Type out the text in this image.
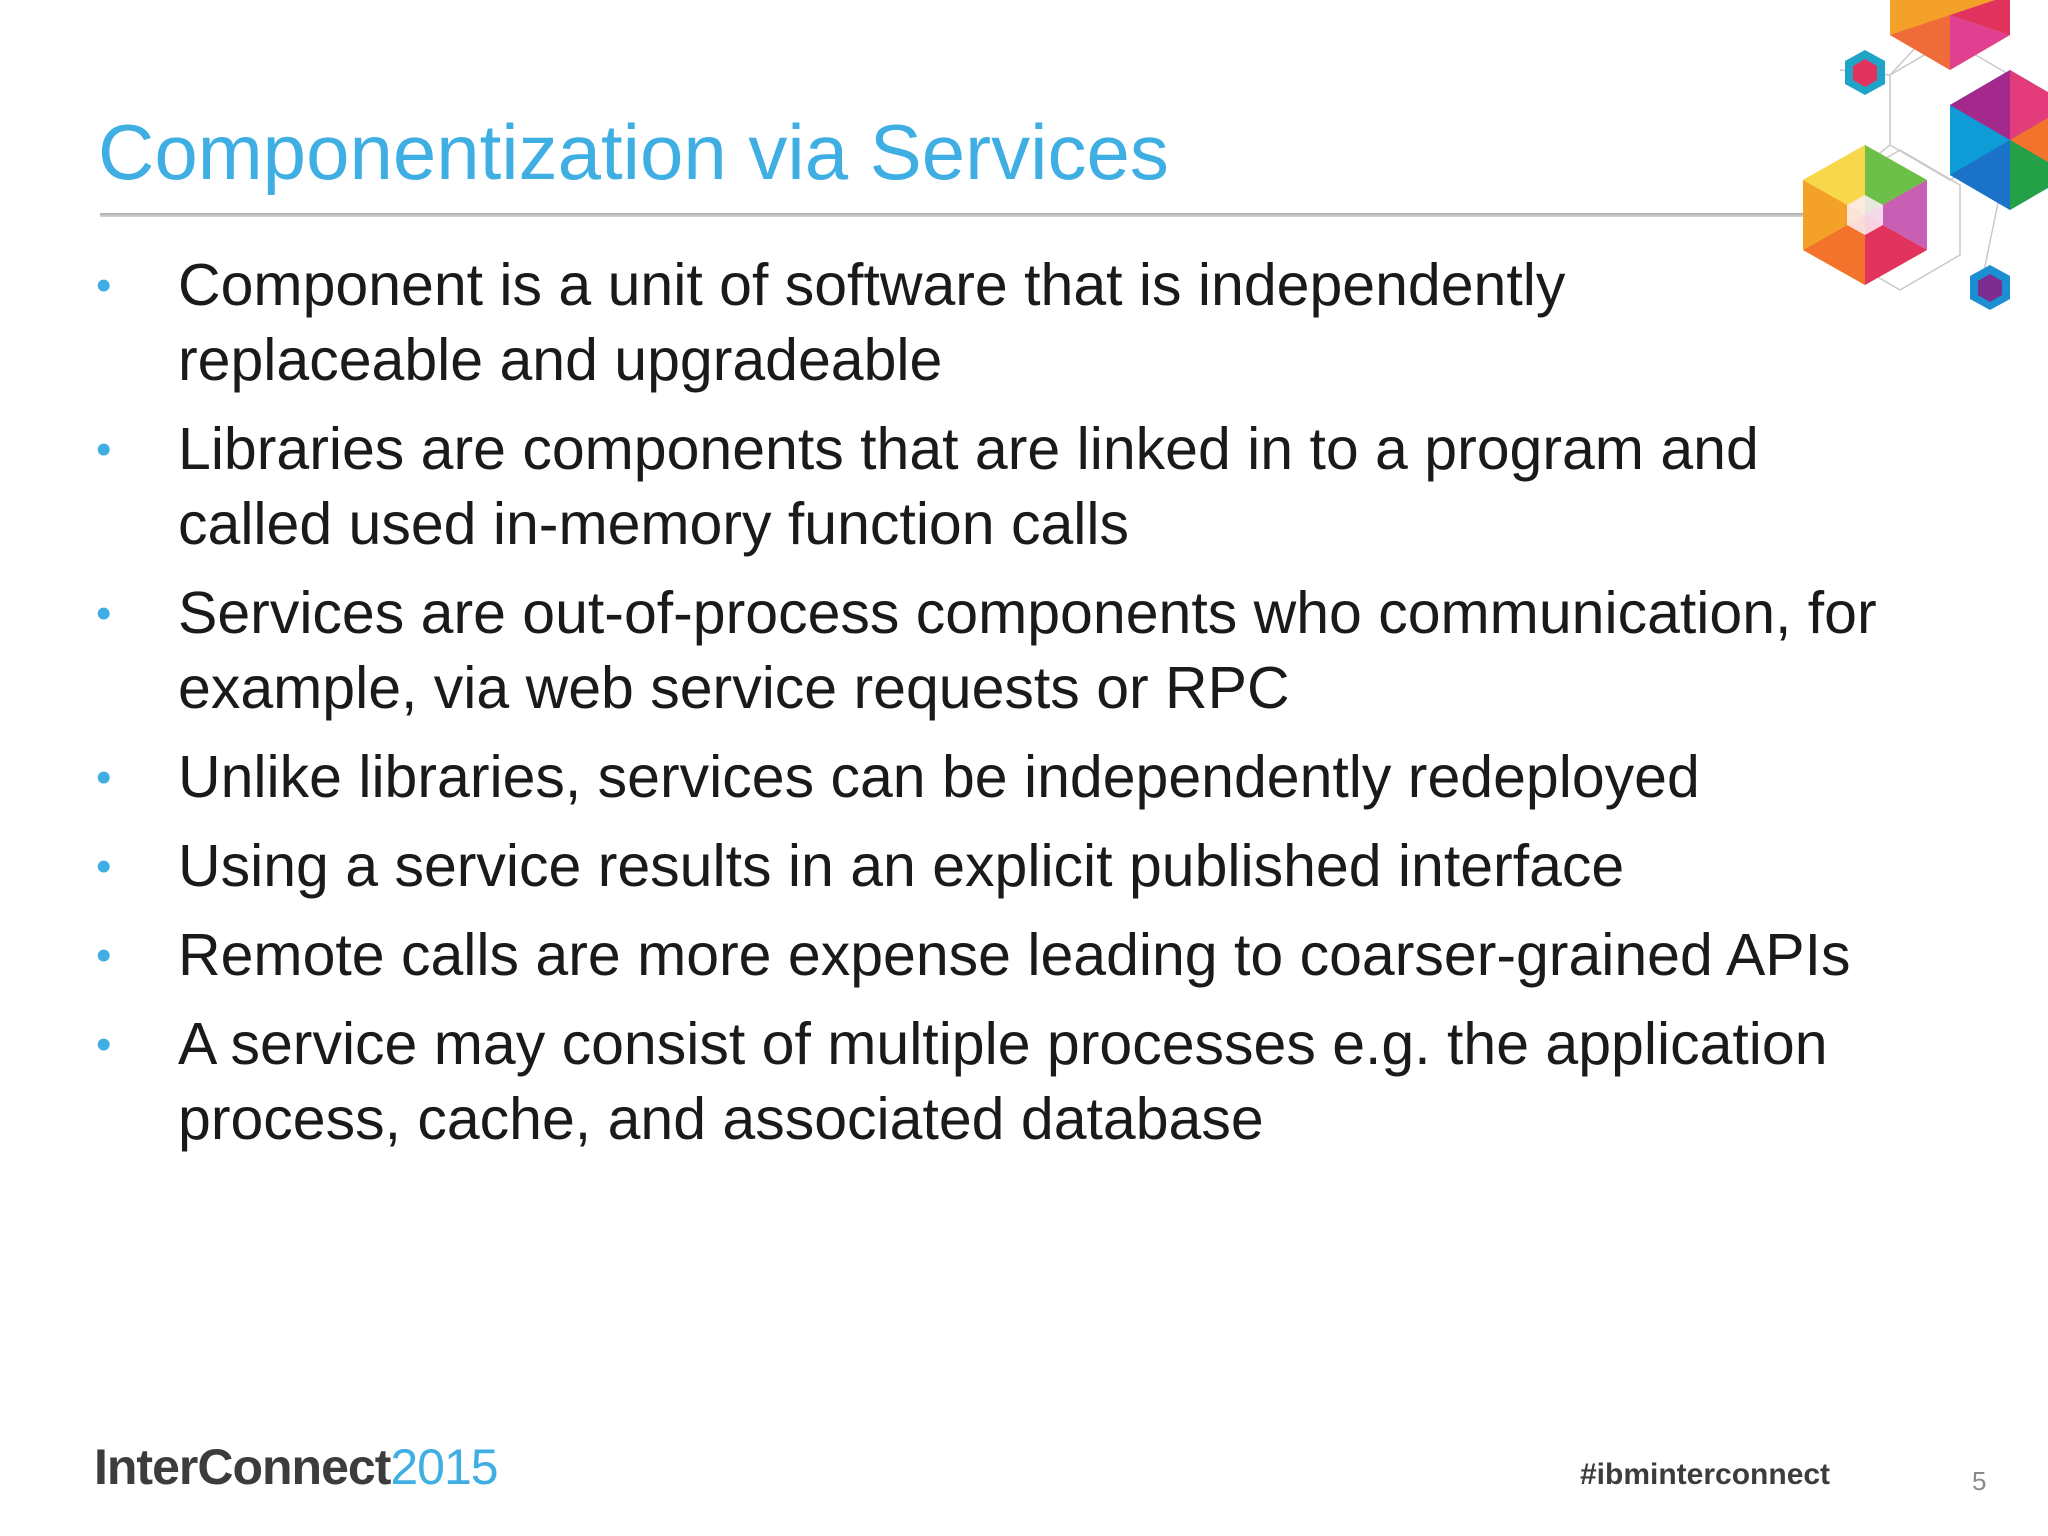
Componentization via Services
• Component is a unit of software that is independently replaceable and upgradeable
• Libraries are components that are linked in to a program and called used in-memory function calls
• Services are out-of-process components who communication, for example, via web service requests or RPC
• Unlike libraries, services can be independently redeployed
• Using a service results in an explicit published interface
• Remote calls are more expense leading to coarser-grained APIs
• A service may consist of multiple processes e.g. the application process, cache, and associated database
InterConnect2015	#ibminterconnect	5
